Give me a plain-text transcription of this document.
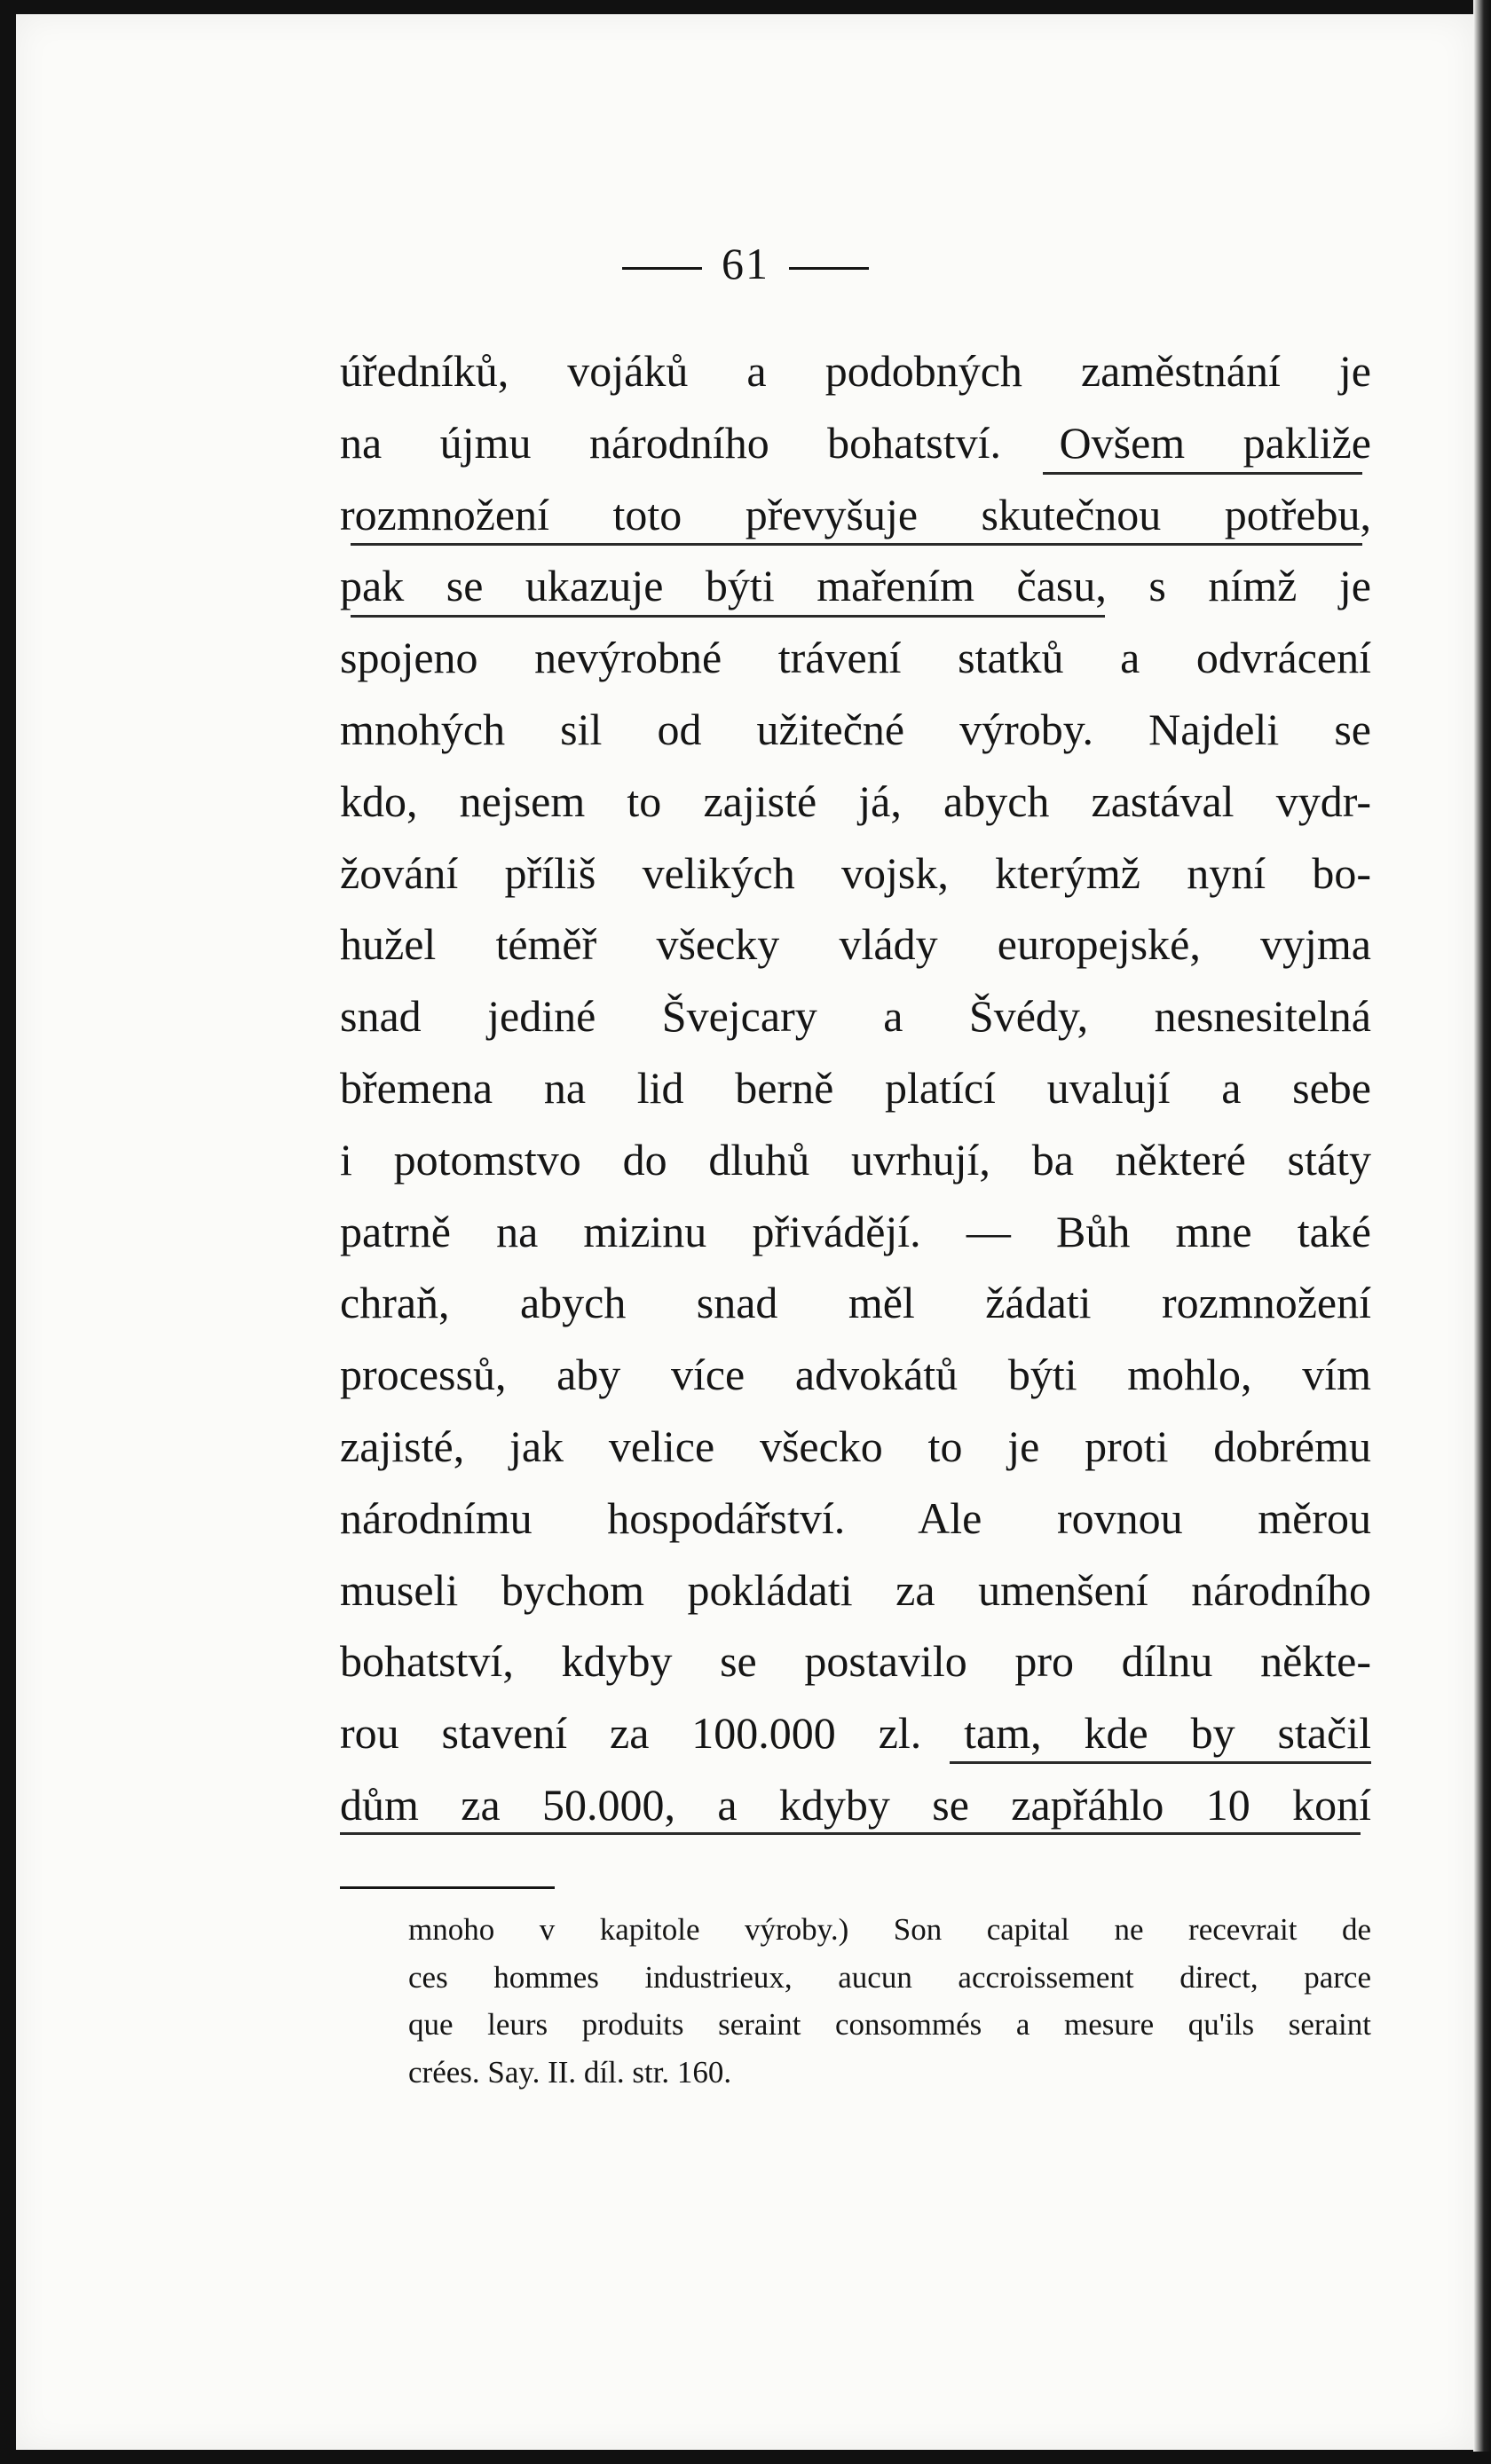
61
úředníků, vojáků a podobných zaměstnání je
na újmu národního bohatství. Ovšem pakliže
rozmnožení toto převyšuje skutečnou potřebu,
pak se ukazuje býti mařením času, s nímž je
spojeno nevýrobné trávení statků a odvrácení
mnohých sil od užitečné výroby. Najdeli se
kdo, nejsem to zajisté já, abych zastával vydr-
žování příliš velikých vojsk, kterýmž nyní bo-
hužel téměř všecky vlády europejské, vyjma
snad jediné Švejcary a Švédy, nesnesitelná
břemena na lid berně platící uvalují a sebe
i potomstvo do dluhů uvrhují, ba některé státy
patrně na mizinu přivádějí. — Bůh mne také
chraň, abych snad měl žádati rozmnožení
processů, aby více advokátů býti mohlo, vím
zajisté, jak velice všecko to je proti dobrému
národnímu hospodářství. Ale rovnou měrou
museli bychom pokládati za umenšení národního
bohatství, kdyby se postavilo pro dílnu někte-
rou stavení za 100.000 zl. tam, kde by stačil
dům za 50.000, a kdyby se zapřáhlo 10 koní
mnoho v kapitole výroby.) Son capital ne recevrait de
ces hommes industrieux, aucun accroissement direct, parce
que leurs produits seraint consommés a mesure qu'ils seraint
crées. Say. II. díl. str. 160.
